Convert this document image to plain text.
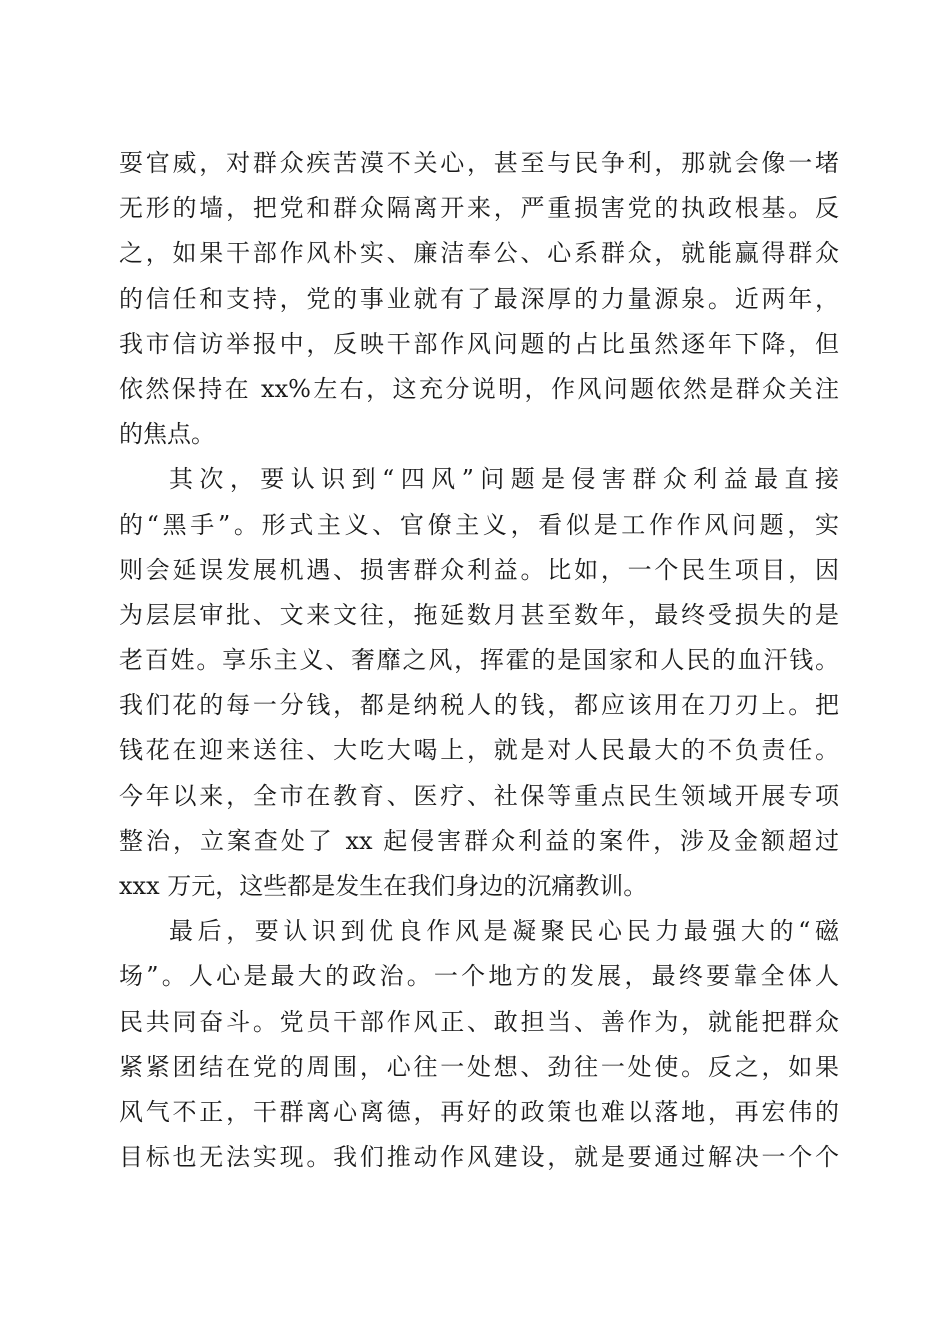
耍官威，对群众疾苦漠不关心，甚至与民争利，那就会像一堵
无形的墙，把党和群众隔离开来，严重损害党的执政根基。反
之，如果干部作风朴实、廉洁奉公、心系群众，就能赢得群众
的信任和支持，党的事业就有了最深厚的力量源泉。近两年，
我市信访举报中，反映干部作风问题的占比虽然逐年下降，但
依然保持在 xx%左右，这充分说明，作风问题依然是群众关注
的焦点。
其次，要认识到“四风”问题是侵害群众利益最直接
的“黑手”。形式主义、官僚主义，看似是工作作风问题，实
则会延误发展机遇、损害群众利益。比如，一个民生项目，因
为层层审批、文来文往，拖延数月甚至数年，最终受损失的是
老百姓。享乐主义、奢靡之风，挥霍的是国家和人民的血汗钱。
我们花的每一分钱，都是纳税人的钱，都应该用在刀刃上。把
钱花在迎来送往、大吃大喝上，就是对人民最大的不负责任。
今年以来，全市在教育、医疗、社保等重点民生领域开展专项
整治，立案查处了 xx 起侵害群众利益的案件，涉及金额超过
xxx 万元，这些都是发生在我们身边的沉痛教训。
最后，要认识到优良作风是凝聚民心民力最强大的“磁
场”。人心是最大的政治。一个地方的发展，最终要靠全体人
民共同奋斗。党员干部作风正、敢担当、善作为，就能把群众
紧紧团结在党的周围，心往一处想、劲往一处使。反之，如果
风气不正，干群离心离德，再好的政策也难以落地，再宏伟的
目标也无法实现。我们推动作风建设，就是要通过解决一个个
